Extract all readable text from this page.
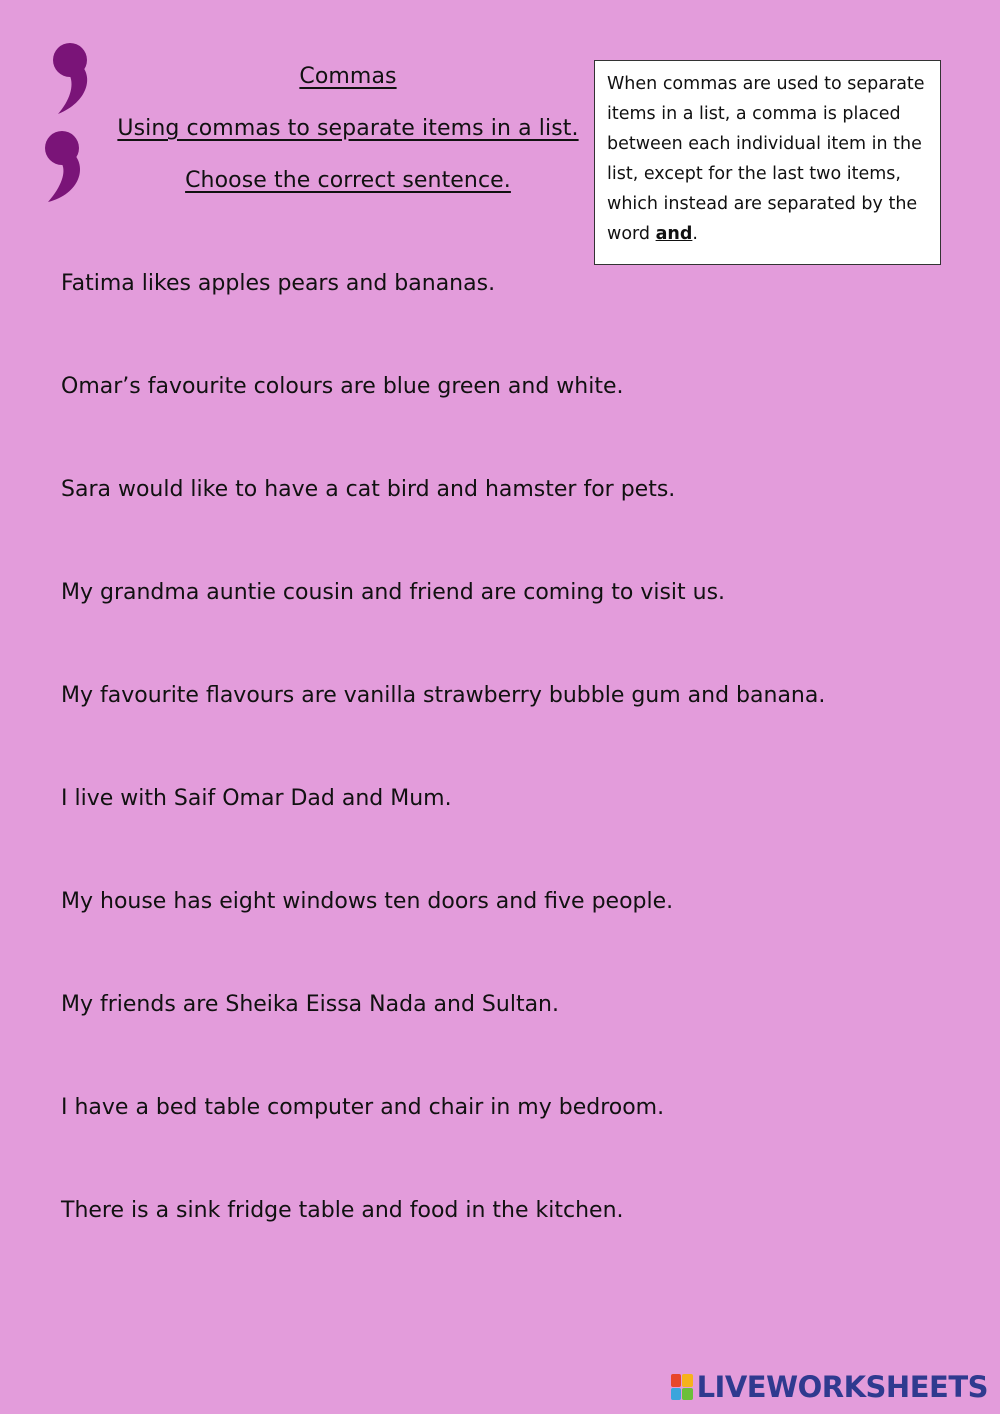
Commas
Using commas to separate items in a list.
Choose the correct sentence.
When commas are used to separate items in a list, a comma is placed between each individual item in the list, except for the last two items, which instead are separated by the word and.
Fatima likes apples pears and bananas.
Omar’s favourite colours are blue green and white.
Sara would like to have a cat bird and hamster for pets.
My grandma auntie cousin and friend are coming to visit us.
My favourite flavours are vanilla strawberry bubble gum and banana.
I live with Saif Omar Dad and Mum.
My house has eight windows ten doors and five people.
My friends are Sheika Eissa Nada and Sultan.
I have a bed table computer and chair in my bedroom.
There is a sink fridge table and food in the kitchen.
LIVEWORKSHEETS
